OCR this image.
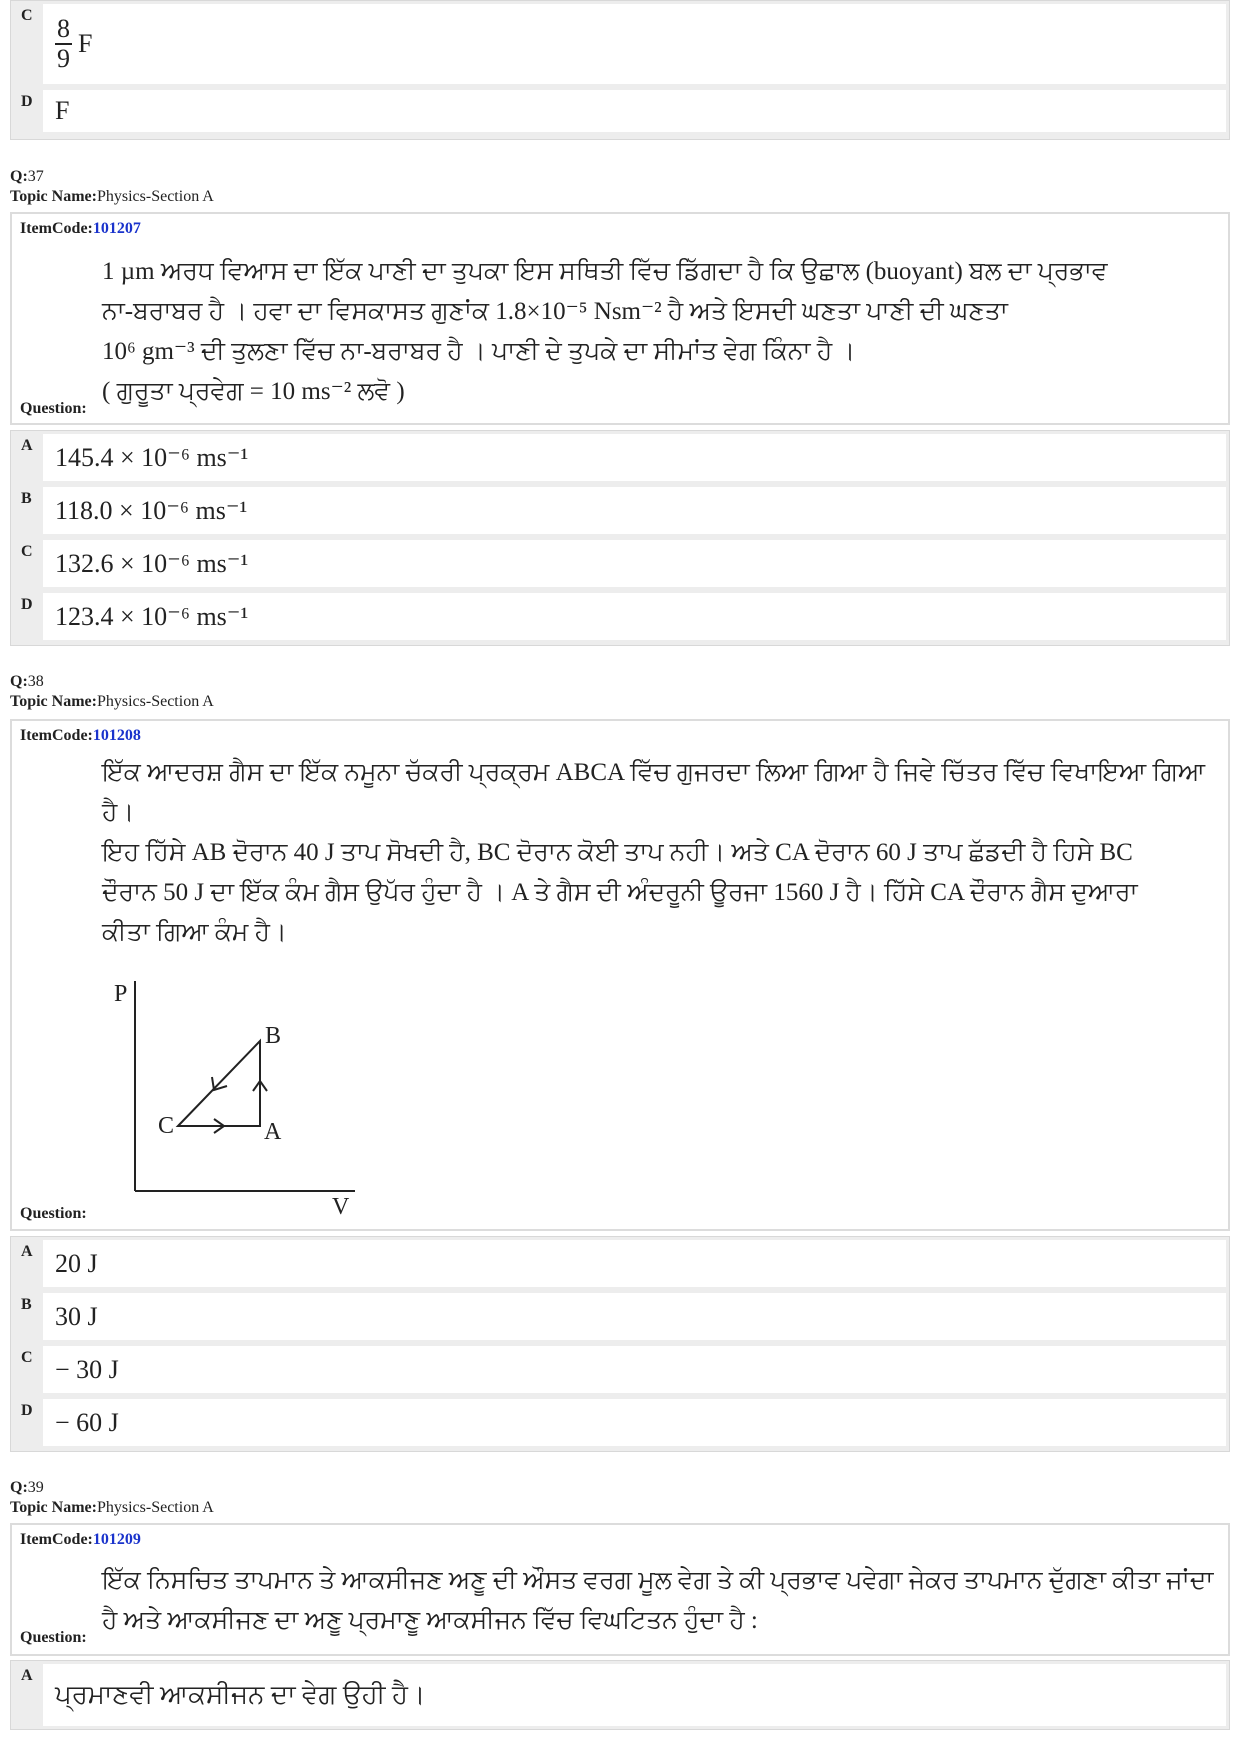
C $\frac{8}{9}$ F
D F
Q:37
Topic Name:Physics-Section A
ItemCode:101207
1 µm ਅਰਧ ਵਿਆਸ ਦਾ ਇੱਕ ਪਾਣੀ ਦਾ ਤੁਪਕਾ ਇਸ ਸਥਿਤੀ ਵਿੱਚ ਡਿੱਗਦਾ ਹੈ ਕਿ ਉਛਾਲ (buoyant) ਬਲ ਦਾ ਪ੍ਰਭਾਵ
ਨਾ-ਬਰਾਬਰ ਹੈ । ਹਵਾ ਦਾ ਵਿਸਕਾਸਤ ਗੁਣਾਂਕ 1.8×10⁻⁵ Nsm⁻² ਹੈ ਅਤੇ ਇਸਦੀ ਘਣਤਾ ਪਾਣੀ ਦੀ ਘਣਤਾ
10⁶ gm⁻³ ਦੀ ਤੁਲਣਾ ਵਿੱਚ ਨਾ-ਬਰਾਬਰ ਹੈ । ਪਾਣੀ ਦੇ ਤੁਪਕੇ ਦਾ ਸੀਮਾਂਤ ਵੇਗ ਕਿੰਨਾ ਹੈ ।
( ਗੁਰੂਤਾ ਪ੍ਰਵੇਗ = 10 ms⁻² ਲਵੋ )
Question:
A 145.4 × 10⁻⁶ ms⁻¹
B 118.0 × 10⁻⁶ ms⁻¹
C 132.6 × 10⁻⁶ ms⁻¹
D 123.4 × 10⁻⁶ ms⁻¹
Q:38
Topic Name:Physics-Section A
ItemCode:101208
ਇੱਕ ਆਦਰਸ਼ ਗੈਸ ਦਾ ਇੱਕ ਨਮੂਨਾ ਚੱਕਰੀ ਪ੍ਰਕ੍ਰਮ ABCA ਵਿੱਚ ਗੁਜਰਦਾ ਲਿਆ ਗਿਆ ਹੈ ਜਿਵੇ ਚਿੱਤਰ ਵਿੱਚ ਵਿਖਾਇਆ ਗਿਆ
ਹੈ।
ਇਹ ਹਿੱਸੇ AB ਦੋਰਾਨ 40 J ਤਾਪ ਸੋਖਦੀ ਹੈ, BC ਦੋਰਾਨ ਕੋਈ ਤਾਪ ਨਹੀ। ਅਤੇ CA ਦੋਰਾਨ 60 J ਤਾਪ ਛੱਡਦੀ ਹੈ ਹਿਸੇ BC
ਦੌਰਾਨ 50 J ਦਾ ਇੱਕ ਕੰਮ ਗੈਸ ਉਪੱਰ ਹੁੰਦਾ ਹੈ । A ਤੇ ਗੈਸ ਦੀ ਅੰਦਰੂਨੀ ਊਰਜਾ 1560 J ਹੈ। ਹਿੱਸੇ CA ਦੌਰਾਨ ਗੈਸ ਦੁਆਰਾ
ਕੀਤਾ ਗਿਆ ਕੰਮ ਹੈ।
P
V
B
A
C
Question:
A 20 J
B 30 J
C − 30 J
D − 60 J
Q:39
Topic Name:Physics-Section A
ItemCode:101209
ਇੱਕ ਨਿਸਚਿਤ ਤਾਪਮਾਨ ਤੇ ਆਕਸੀਜਣ ਅਣੂ ਦੀ ਔਸਤ ਵਰਗ ਮੂਲ ਵੇਗ ਤੇ ਕੀ ਪ੍ਰਭਾਵ ਪਵੇਗਾ ਜੇਕਰ ਤਾਪਮਾਨ ਦੁੱਗਣਾ ਕੀਤਾ ਜਾਂਦਾ
ਹੈ ਅਤੇ ਆਕਸੀਜਣ ਦਾ ਅਣੂ ਪ੍ਰਮਾਣੂ ਆਕਸੀਜਨ ਵਿੱਚ ਵਿਘਟਿਤਨ ਹੁੰਦਾ ਹੈ :
Question:
A
ਪ੍ਰਮਾਣਵੀ ਆਕਸੀਜਨ ਦਾ ਵੇਗ ਉਹੀ ਹੈ।
